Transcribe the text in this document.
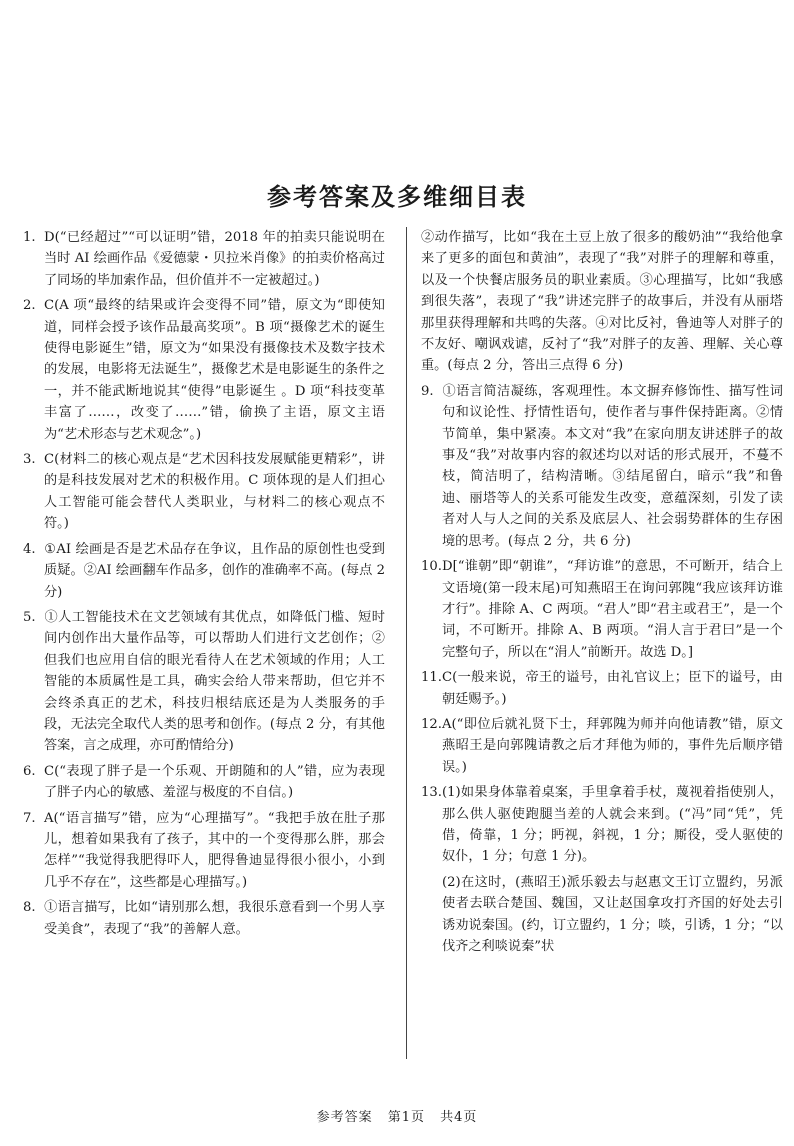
参考答案及多维细目表

1. D(“已经超过”“可以证明”错，2018 年的拍卖只能说明在当时 AI 绘画作品《爱德蒙・贝拉米肖像》的拍卖价格高过了同场的毕加索作品，但价值并不一定被超过。)

2. C(A 项“最终的结果或许会变得不同”错，原文为“即使知道，同样会授予该作品最高奖项”。B 项“摄像艺术的诞生使得电影诞生”错，原文为“如果没有摄像技术及数字技术的发展，电影将无法诞生”，摄像艺术是电影诞生的条件之一，并不能武断地说其“使得”电影诞生 。D 项“科技变革丰富了……，改变了……”错，偷换了主语，原文主语为“艺术形态与艺术观念”。)

3. C(材料二的核心观点是“艺术因科技发展赋能更精彩”，讲的是科技发展对艺术的积极作用。C 项体现的是人们担心人工智能可能会替代人类职业，与材料二的核心观点不符。)

4. ①AI 绘画是否是艺术品存在争议，且作品的原创性也受到质疑。②AI 绘画翻车作品多，创作的准确率不高。(每点 2 分)

5. ①人工智能技术在文艺领域有其优点，如降低门槛、短时间内创作出大量作品等，可以帮助人们进行文艺创作；②但我们也应用自信的眼光看待人在艺术领域的作用；人工智能的本质属性是工具，确实会给人带来帮助，但它并不会终杀真正的艺术，科技归根结底还是为人类服务的手段，无法完全取代人类的思考和创作。(每点 2 分，有其他答案，言之成理，亦可酌情给分)

6. C(“表现了胖子是一个乐观、开朗随和的人”错，应为表现了胖子内心的敏感、羞涩与极度的不自信。)

7. A(“语言描写”错，应为“心理描写”。“我把手放在肚子那儿，想着如果我有了孩子，其中的一个变得那么胖，那会怎样”“我觉得我肥得吓人，肥得鲁迪显得很小很小，小到几乎不存在”，这些都是心理描写。)

8. ①语言描写，比如“请别那么想，我很乐意看到一个男人享受美食”，表现了“我”的善解人意。

②动作描写，比如“我在土豆上放了很多的酸奶油”“我给他拿来了更多的面包和黄油”，表现了“我”对胖子的理解和尊重，以及一个快餐店服务员的职业素质。③心理描写，比如“我感到很失落”，表现了“我”讲述完胖子的故事后，并没有从丽塔那里获得理解和共鸣的失落。④对比反衬，鲁迪等人对胖子的不友好、嘲讽戏谑，反衬了“我”对胖子的友善、理解、关心尊重。(每点 2 分，答出三点得 6 分)

9. ①语言简洁凝练，客观理性。本文摒弃修饰性、描写性词句和议论性、抒情性语句，使作者与事件保持距离。②情节简单，集中紧凑。本文对“我”在家向朋友讲述胖子的故事及“我”对故事内容的叙述均以对话的形式展开，不蔓不枝，简洁明了，结构清晰。③结尾留白，暗示“我”和鲁迪、丽塔等人的关系可能发生改变，意蕴深刻，引发了读者对人与人之间的关系及底层人、社会弱势群体的生存困境的思考。(每点 2 分，共 6 分)

10.D[“谁朝”即“朝谁”，“拜访谁”的意思，不可断开，结合上文语境(第一段末尾)可知燕昭王在询问郭隗“我应该拜访谁才行”。排除 A、C 两项。“君人”即“君主或君王”，是一个词，不可断开。排除 A、B 两项。“涓人言于君曰”是一个完整句子，所以在“涓人”前断开。故选 D。]

11.C(一般来说，帝王的谥号，由礼官议上；臣下的谥号，由朝廷赐予。)

12.A(“即位后就礼贤下士，拜郭隗为师并向他请教”错，原文燕昭王是向郭隗请教之后才拜他为师的，事件先后顺序错误。)

13.(1)如果身体靠着桌案，手里拿着手杖，蔑视着指使别人，那么供人驱使跑腿当差的人就会来到。(“冯”同“凭”，凭借，倚靠，1 分；眄视，斜视，1 分；厮役，受人驱使的奴仆，1 分；句意 1 分)。

(2)在这时，(燕昭王)派乐毅去与赵惠文王订立盟约，另派使者去联合楚国、魏国，又让赵国拿攻打齐国的好处去引诱劝说秦国。(约，订立盟约，1 分；啖，引诱，1 分；“以伐齐之利啖说秦”状

参考答案 第1页 共4页
